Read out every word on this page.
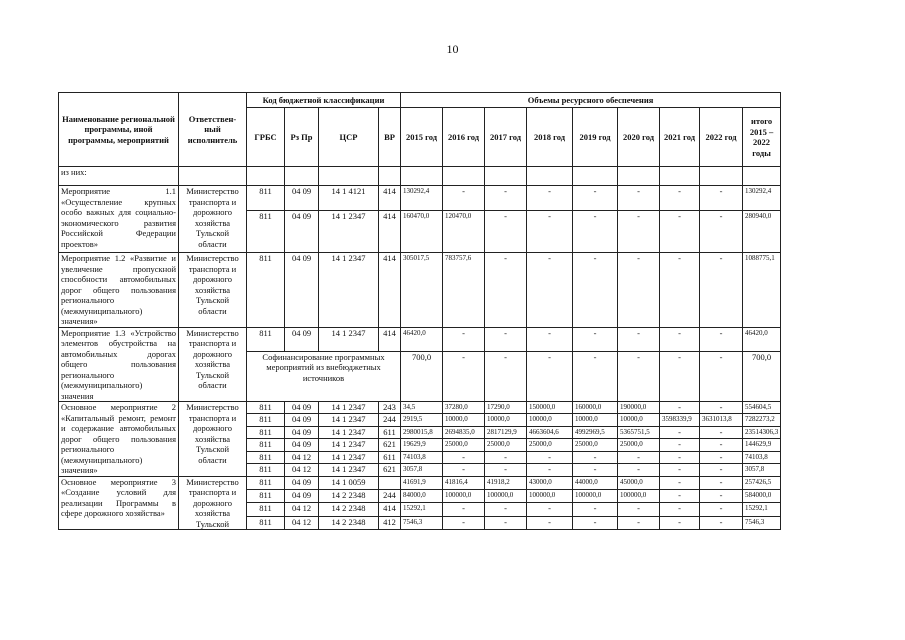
10
Наименование региональной программы, иной программы, мероприятий	Ответствен-ный исполнитель	Код бюджетной классификации				Объемы ресурсного обеспечения								
		ГРБС	Рз Пр	ЦСР	ВР	2015 год	2016 год	2017 год	2018 год	2019 год	2020 год	2021 год	2022 год	итого 2015 – 2022 годы
из них:														
Мероприятие 1.1 «Осуществление крупных особо важных для социально-экономического развития Российской Федерации проектов»	Министерство транспорта и дорожного хозяйства Тульской области	811	04 09	14 1 4121	414	130292,4	-	-	-	-	-	-	-	130292,4
		811	04 09	14 1 2347	414	160470,0	120470,0	-	-	-	-	-	-	280940,0
Мероприятие 1.2 «Развитие и увеличение пропускной способности автомобильных дорог общего пользования регионального (межмуниципального) значения»	Министерство транспорта и дорожного хозяйства Тульской области	811	04 09	14 1 2347	414	305017,5	783757,6	-	-	-	-	-	-	1088775,1
Мероприятие 1.3 «Устройство элементов обустройства на автомобильных дорогах общего пользования регионального (межмуниципального) значения	Министерство транспорта и дорожного хозяйства Тульской области	811	04 09	14 1 2347	414	46420,0	-	-	-	-	-	-	-	46420,0
		Софинансирование программных мероприятий из внебюджетных источников				700,0	-	-	-	-	-	-	-	700,0
Основное мероприятие 2 «Капитальный ремонт, ремонт и содержание автомобильных дорог общего пользования регионального (межмуниципального) значения»	Министерство транспорта и дорожного хозяйства Тульской области	811	04 09	14 1 2347	243	34,5	37280,0	17290,0	150000,0	160000,0	190000,0	-	-	554604,5
		811	04 09	14 1 2347	244	2919,5	10000,0	10000,0	10000,0	10000,0	10000,0	3598339,9	3631013,8	7282273,2
		811	04 09	14 1 2347	611	2980015,8	2694835,0	2817129,9	4663604,6	4992969,5	5365751,5	-	-	23514306,3
		811	04 09	14 1 2347	621	19629,9	25000,0	25000,0	25000,0	25000,0	25000,0	-	-	144629,9
		811	04 12	14 1 2347	611	74103,8	-	-	-	-	-	-	-	74103,8
		811	04 12	14 1 2347	621	3057,8	-	-	-	-	-	-	-	3057,8
Основное мероприятие 3 «Создание условий для реализации Программы в сфере дорожного хозяйства»	Министерство транспорта и дорожного хозяйства Тульской	811	04 09	14 1 0059		41691,9	41816,4	41918,2	43000,0	44000,0	45000,0	-	-	257426,5
		811	04 09	14 2 2348	244	84000,0	100000,0	100000,0	100000,0	100000,0	100000,0	-	-	584000,0
		811	04 12	14 2 2348	414	15292,1	-	-	-	-	-	-	-	15292,1
		811	04 12	14 2 2348	412	7546,3	-	-	-	-	-	-	-	7546,3
